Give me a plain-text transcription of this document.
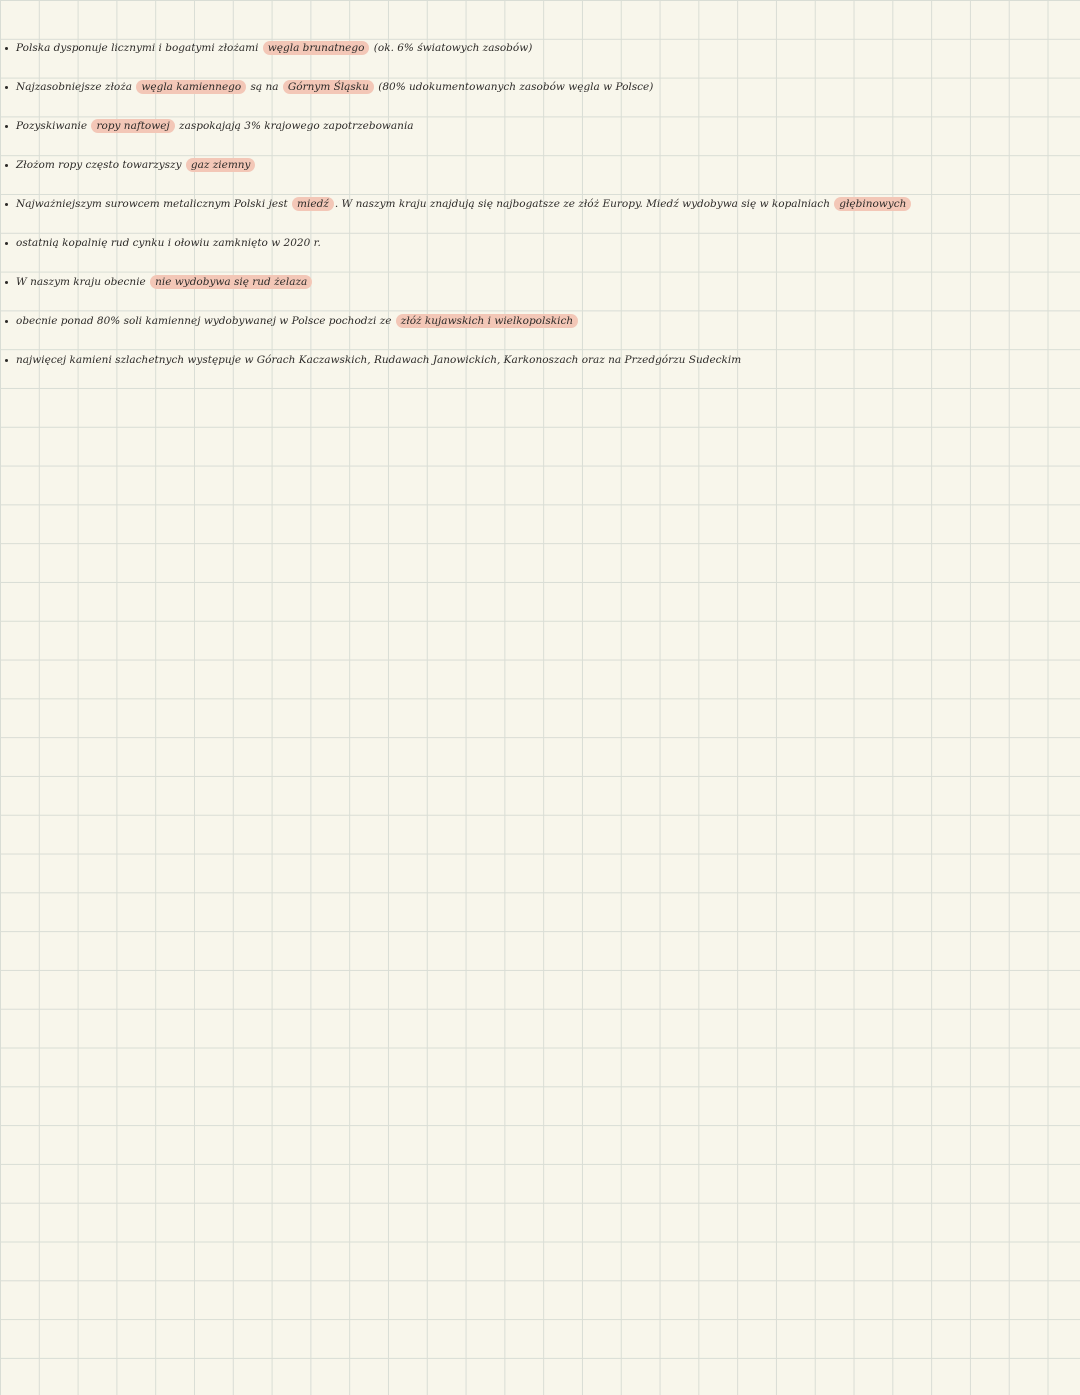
Polska dysponuje licznymi i bogatymi złożami węgla brunatnego (ok. 6% światowych zasobów)
Najzasobniejsze złoża węgla kamiennego są na Górnym Śląsku (80% udokumentowanych zasobów węgla w Polsce)
Pozyskiwanie ropy naftowej zaspokajają 3% krajowego zapotrzebowania
Złożom ropy często towarzyszy gaz ziemny
Najważniejszym surowcem metalicznym Polski jest miedź . W naszym kraju znajdują się najbogatsze ze złóż Europy. Miedź wydobywa się w kopalniach głębinowych
ostatnią kopalnię rud cynku i ołowiu zamknięto w 2020 r.
W naszym kraju obecnie nie wydobywa się rud żelaza
obecnie ponad 80% soli kamiennej wydobywanej w Polsce pochodzi ze złóż kujawskich i wielkopolskich
najwięcej kamieni szlachetnych występuje w Górach Kaczawskich, Rudawach Janowickich, Karkonoszach oraz na Przedgórzu Sudeckim
